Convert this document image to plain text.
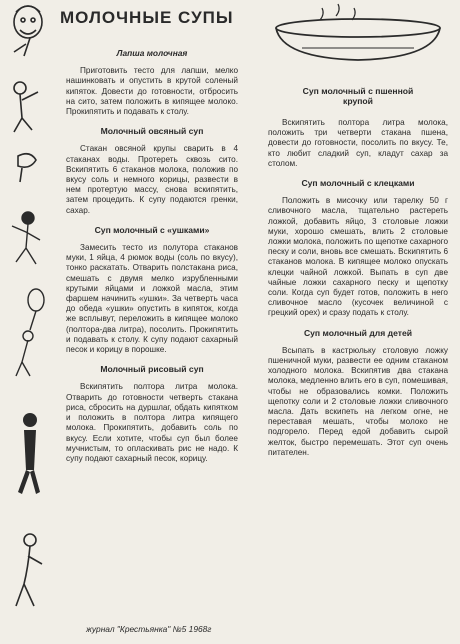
МОЛОЧНЫЕ СУПЫ
Лапша молочная

Приготовить тесто для лапши, мелко нашинковать и опустить в крутой соленый кипяток. Довести до готовности, отбросить на сито, затем положить в кипящее молоко. Прокипятить и подавать к столу.

Молочный овсяный суп

Стакан овсяной крупы сварить в 4 стаканах воды. Протереть сквозь сито. Вскипятить 6 стаканов молока, положив по вкусу соль и немного корицы, развести в нем протертую массу, снова вскипятить, затем процедить. К супу подаются гренки, сахар.

Суп молочный с «ушками»

Замесить тесто из полутора стаканов муки, 1 яйца, 4 рюмок воды (соль по вкусу), тонко раскатать. Отварить полстакана риса, смешать с двумя мелко изрубленными крутыми яйцами и ложкой масла, этим фаршем начинить «ушки». За четверть часа до обеда «ушки» опустить в кипяток, когда же всплывут, переложить в кипящее молоко (полтора-два литра), посолить. Прокипятить и подавать к столу. К супу подают сахарный песок и корицу в порошке.

Молочный рисовый суп

Вскипятить полтора литра молока. Отварить до готовности четверть стакана риса, сбросить на дуршлаг, обдать кипятком и положить в полтора литра кипящего молока. Прокипятить, добавить соль по вкусу. Если хотите, чтобы суп был более мучнистым, то опласкивать рис не надо. К супу подают сахарный песок, корицу.

Суп молочный с пшенной крупой

Вскипятить полтора литра молока, положить три четверти стакана пшена, довести до готовности, посолить по вкусу. Те, кто любит сладкий суп, кладут сахар за столом.

Суп молочный с клецками

Положить в мисочку или тарелку 50 г сливочного масла, тщательно растереть ложкой, добавить яйцо, 3 столовые ложки муки, хорошо смешать, влить 2 столовые ложки молока, положить по щепотке сахарного песку и соли, вновь все смешать. Вскипятить 6 стаканов молока. В кипящее молоко опускать клецки чайной ложкой. Выпать в суп две чайные ложки сахарного песку и щепотку соли. Когда суп будет готов, положить в него сливочное масло (кусочек величиной с грецкий орех) и сразу подать к столу.

Суп молочный для детей

Всыпать в кастрюльку столовую ложку пшеничной муки, развести ее одним стаканом холодного молока. Вскипятив два стакана молока, медленно влить его в суп, помешивая, чтобы не образовались комки. Положить щепотку соли и 2 столовые ложки сливочного масла. Дать вскипеть на легком огне, не переставая мешать, чтобы молоко не подгорело. Перед едой добавить сырой желток, быстро перемешать. Этот суп очень питателен.

журнал "Крестьянка" №5 1968г
